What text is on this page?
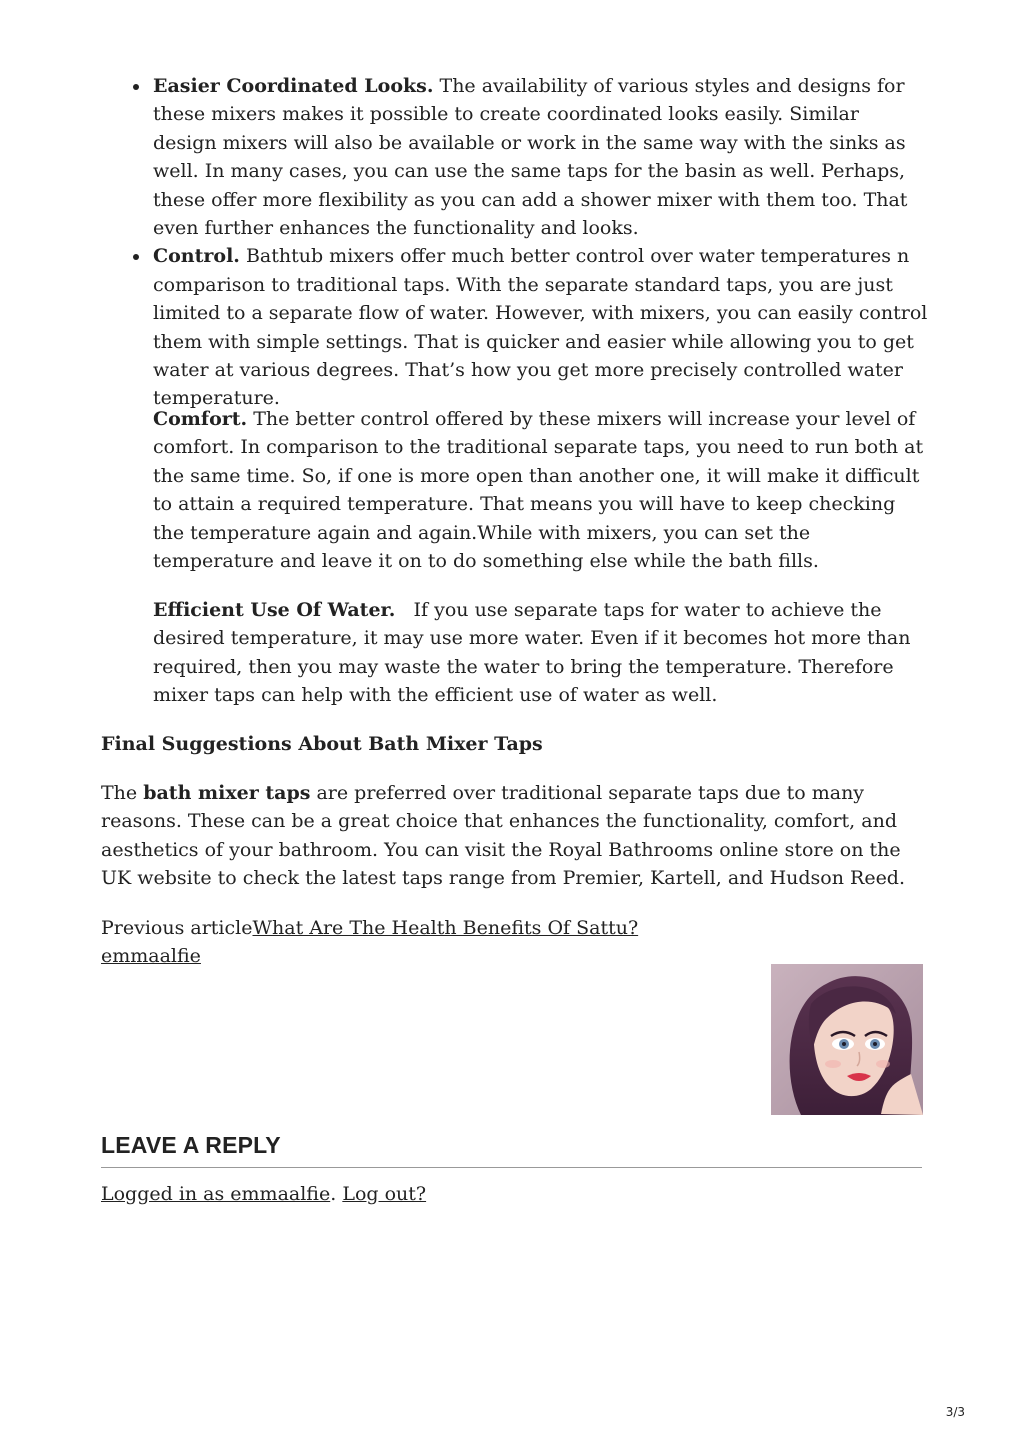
Easier Coordinated Looks. The availability of various styles and designs for these mixers makes it possible to create coordinated looks easily. Similar design mixers will also be available or work in the same way with the sinks as well. In many cases, you can use the same taps for the basin as well. Perhaps, these offer more flexibility as you can add a shower mixer with them too. That even further enhances the functionality and looks.
Control. Bathtub mixers offer much better control over water temperatures n comparison to traditional taps. With the separate standard taps, you are just limited to a separate flow of water. However, with mixers, you can easily control them with simple settings. That is quicker and easier while allowing you to get water at various degrees. That’s how you get more precisely controlled water temperature.

Comfort. The better control offered by these mixers will increase your level of comfort. In comparison to the traditional separate taps, you need to run both at the same time. So, if one is more open than another one, it will make it difficult to attain a required temperature. That means you will have to keep checking the temperature again and again.While with mixers, you can set the temperature and leave it on to do something else while the bath fills.

Efficient Use Of Water.   If you use separate taps for water to achieve the desired temperature, it may use more water. Even if it becomes hot more than required, then you may waste the water to bring the temperature. Therefore mixer taps can help with the efficient use of water as well.

Final Suggestions About Bath Mixer Taps

The bath mixer taps are preferred over traditional separate taps due to many reasons. These can be a great choice that enhances the functionality, comfort, and aesthetics of your bathroom. You can visit the Royal Bathrooms online store on the UK website to check the latest taps range from Premier, Kartell, and Hudson Reed.

Previous articleWhat Are The Health Benefits Of Sattu?

emmaalfie

LEAVE A REPLY

Logged in as emmaalfie. Log out?

3/3
